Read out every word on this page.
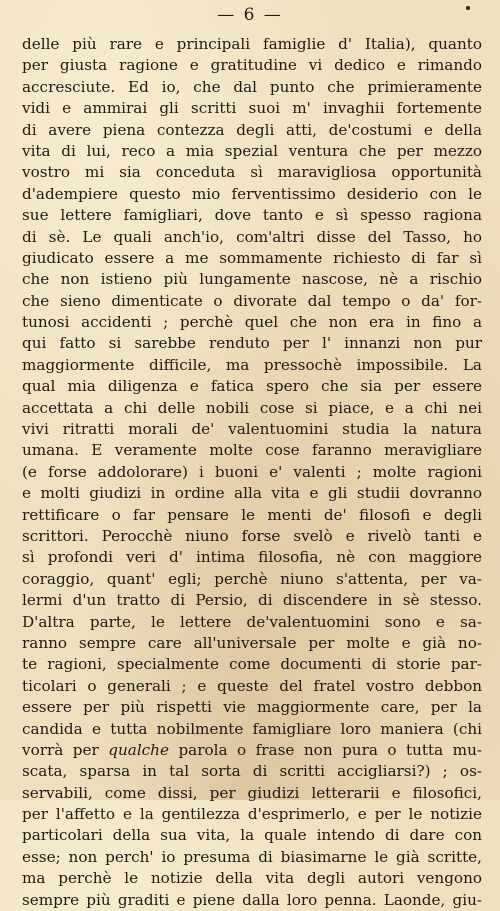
— 6 —
delle più rare e principali famiglie d' Italia), quanto
per giusta ragione e gratitudine vi dedico e rimando
accresciute. Ed io, che dal punto che primieramente
vidi e ammirai gli scritti suoi m' invaghii fortemente
di avere piena contezza degli atti, de'costumi e della
vita di lui, reco a mia spezial ventura che per mezzo
vostro mi sia conceduta sì maravigliosa opportunità
d'adempiere questo mio ferventissimo desiderio con le
sue lettere famigliari, dove tanto e sì spesso ragiona
di sè. Le quali anch'io, com'altri disse del Tasso, ho
giudicato essere a me sommamente richiesto di far sì
che non istieno più lungamente nascose, nè a rischio
che sieno dimenticate o divorate dal tempo o da' for-
tunosi accidenti ; perchè quel che non era in fino a
qui fatto si sarebbe renduto per l' innanzi non pur
maggiormente difficile, ma pressochè impossibile. La
qual mia diligenza e fatica spero che sia per essere
accettata a chi delle nobili cose si piace, e a chi nei
vivi ritratti morali de' valentuomini studia la natura
umana. E veramente molte cose faranno meravigliare
(e forse addolorare) i buoni e' valenti ; molte ragioni
e molti giudizi in ordine alla vita e gli studii dovranno
rettificare o far pensare le menti de' filosofi e degli
scrittori. Perocchè niuno forse svelò e rivelò tanti e
sì profondi veri d' intima filosofia, nè con maggiore
coraggio, quant' egli; perchè niuno s'attenta, per va-
lermi d'un tratto di Persio, di discendere in sè stesso.
D'altra parte, le lettere de'valentuomini sono e sa-
ranno sempre care all'universale per molte e già no-
te ragioni, specialmente come documenti di storie par-
ticolari o generali ; e queste del fratel vostro debbon
essere per più rispetti vie maggiormente care, per la
candida e tutta nobilmente famigliare loro maniera (chi
vorrà per qualche parola o frase non pura o tutta mu-
scata, sparsa in tal sorta di scritti accigliarsi?) ; os-
servabili, come dissi, per giudizi letterarii e filosofici,
per l'affetto e la gentilezza d'esprimerlo, e per le notizie
particolari della sua vita, la quale intendo di dare con
esse; non perch' io presuma di biasimarne le già scritte,
ma perchè le notizie della vita degli autori vengono
sempre più graditi e piene dalla loro penna. Laonde, giu-
